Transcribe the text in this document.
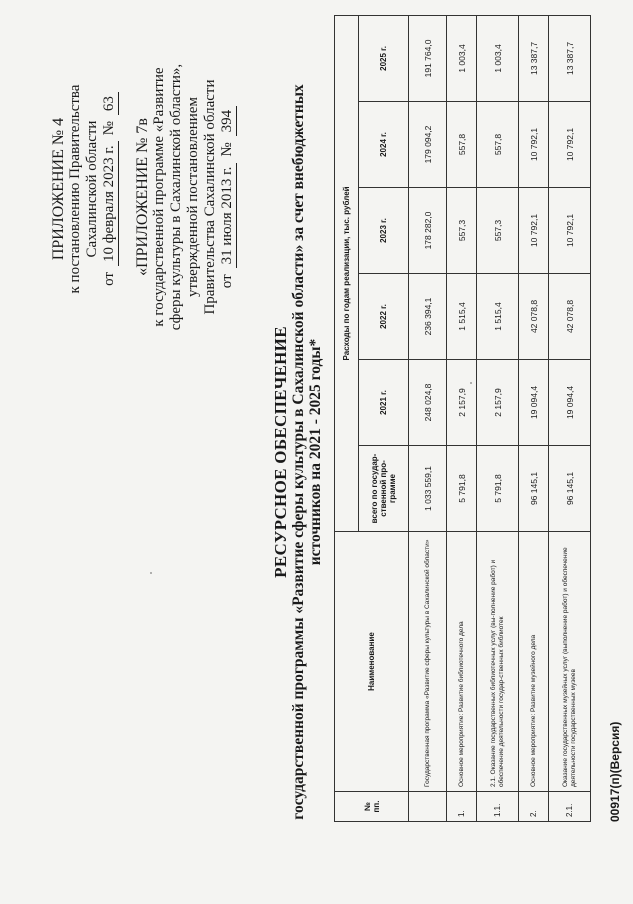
ПРИЛОЖЕНИЕ № 4 к постановлению Правительства Сахалинской области
от
10 февраля 2023 г.
№
63
«ПРИЛОЖЕНИЕ № 7в к государственной программе «Развитие сферы культуры в Сахалинской области», утвержденной постановлением Правительства Сахалинской области от
31 июля 2013 г.
№
394
РЕСУРСНОЕ ОБЕСПЕЧЕНИЕ государственной программы «Развитие сферы культуры в Сахалинской области» за счет внебюджетных источников на 2021 - 2025 годы*
№ пп.	Наименование	Расходы по годам реализации, тыс. рублей					
		всего по государ-ственной про-грамме	2021 г.	2022 г.	2023 г.	2024 г.	2025 г.
	Государственная программа «Развитие сферы культуры в Сахалинской области»	1 033 559,1	248 024,8	236 394,1	178 282,0	179 094,2	191 764,0
1.	Основное мероприятие: Развитие библиотечного дела	5 791,8	2 157,9	1 515,4	557,3	557,8	1 003,4
1.1.	2.1. Оказание государственных библиотечных услуг (вы-полнение работ) и обеспечение деятельности государ-ственных библиотек	5 791,8	2 157,9	1 515,4	557,3	557,8	1 003,4
2.	Основное мероприятие: Развитие музейного дела	96 145,1	19 094,4	42 078,8	10 792,1	10 792,1	13 387,7
2.1.	Оказание государственных музейных услуг (выполнение работ) и обеспечение деятельности государственных музеев	96 145,1	19 094,4	42 078,8	10 792,1	10 792,1	13 387,7
00917(п)(Версия)
